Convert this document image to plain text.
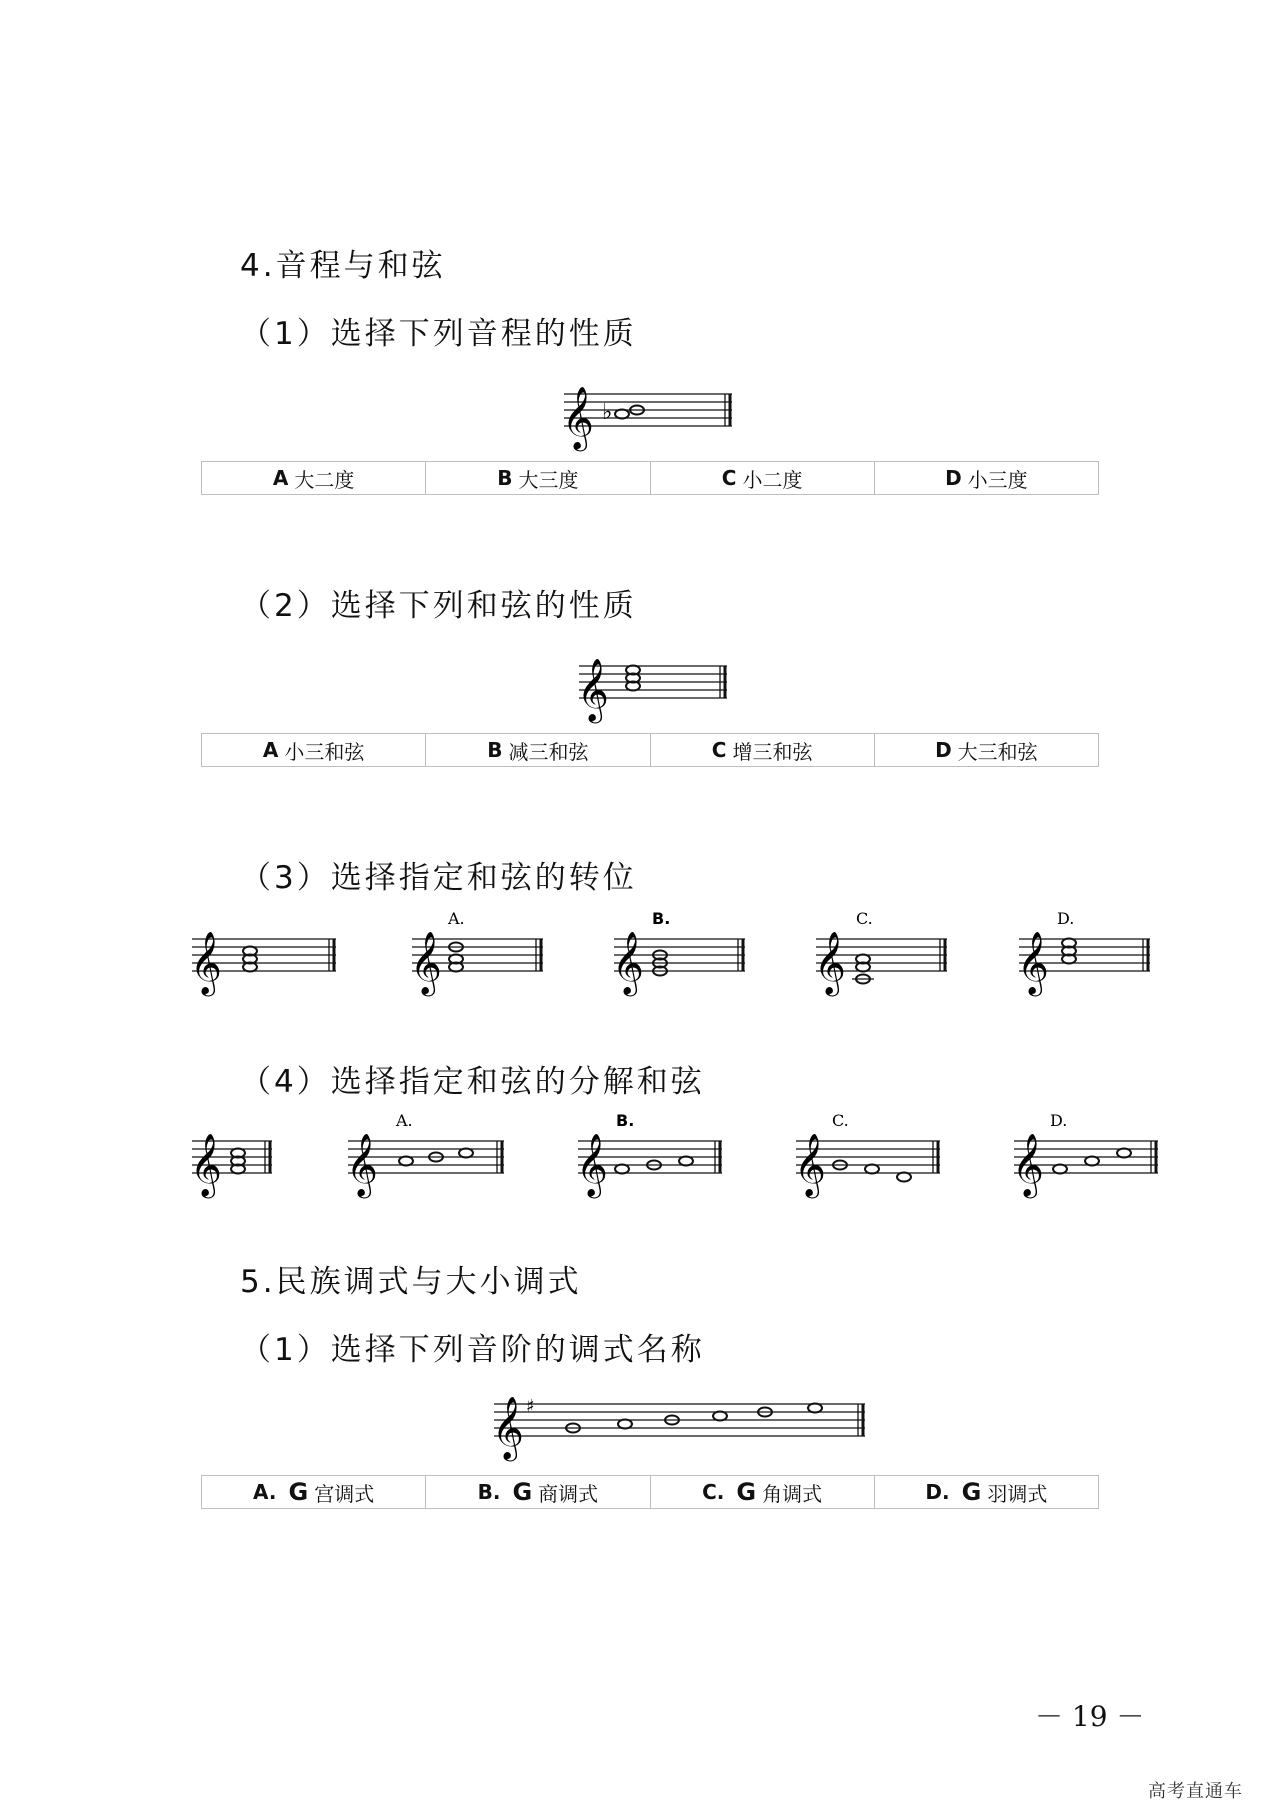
4.音程与和弦
（1）选择下列音程的性质
（2）选择下列和弦的性质
（3）选择指定和弦的转位
（4）选择指定和弦的分解和弦
5.民族调式与大小调式
（1）选择下列音阶的调式名称
𝄞 ♭
A 大二度	B 大三度	C 小二度	D 小三度
𝄞
A 小三和弦	B 减三和弦	C 增三和弦	D 大三和弦
𝄞
A.
𝄞
B.
𝄞
C.
𝄞
D.
𝄞
𝄞
A.
𝄞
B.
𝄞
C.
𝄞
D.
𝄞
𝄞 ♯
A. G 宫调式	B. G 商调式	C. G 角调式	D. G 羽调式
－ 19 －
高考直通车
